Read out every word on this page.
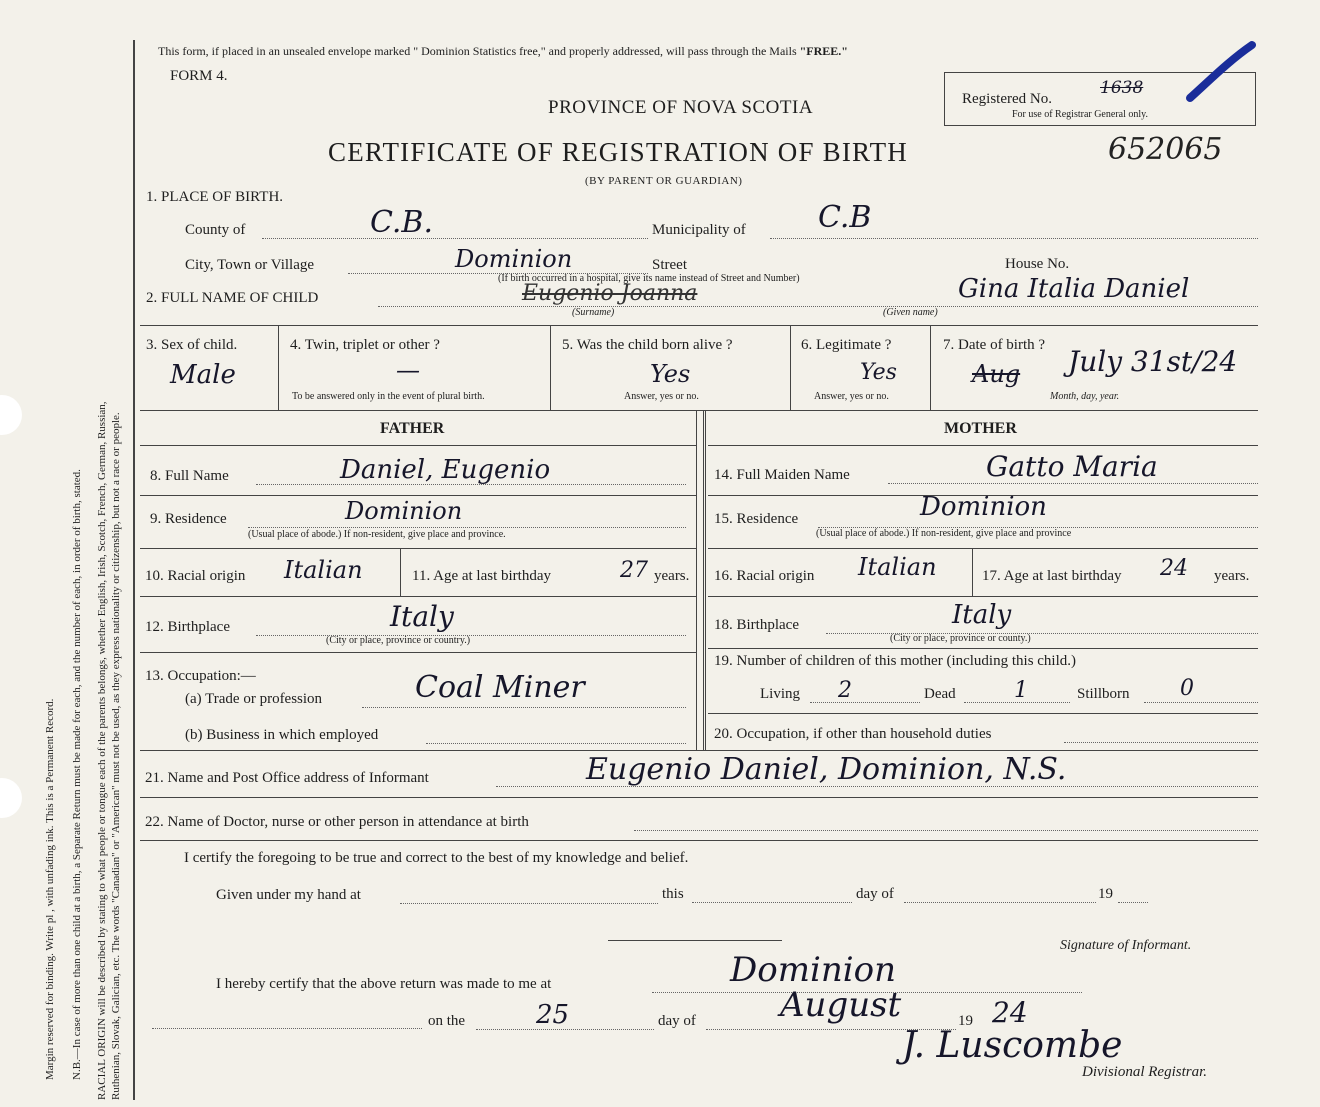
Margin reserved for binding. Write pl , with unfading ink. This is a Permanent Record. N.B.—In case of more than one child at a birth, a Separate Return must be made for each, and the number of each, in order of birth, stated. RACIAL ORIGIN will be described by stating to what people or tongue each of the parents belongs, whether English, Irish, Scotch, French, German, Russian, Ruthenian, Slovak, Galician, etc. The words "Canadian" or "American" must not be used, as they express nationality or citizenship, but not a race or people.
This form, if placed in an unsealed envelope marked " Dominion Statistics free," and properly addressed, will pass through the Mails "FREE."
FORM 4.
PROVINCE OF NOVA SCOTIA
CERTIFICATE OF REGISTRATION OF BIRTH
(BY PARENT OR GUARDIAN)
Registered No.
1638
For use of Registrar General only.
652065
1. PLACE OF BIRTH.
County of	C.B.	Municipality of C.B
City, Town or Village	Dominion	Street	House No.
(If birth occurred in a hospital, give its name instead of Street and Number)
2. FULL NAME OF CHILD	Eugenio Joanna	Gina Italia Daniel
(Surname)	(Given name)
3. Sex of child.
Male
4. Twin, triplet or other ?
—
To be answered only in the event of plural birth.
5. Was the child born alive ?
Yes
Answer, yes or no.
6. Legitimate ?
Yes
Answer, yes or no.
7. Date of birth ?
Aug July 31st/24
Month, day, year.
FATHER	MOTHER
8. Full Name	Daniel, Eugenio
9. Residence	Dominion
(Usual place of abode.) If non-resident, give place and province.
10. Racial origin Italian	11. Age at last birthday	27 years.
12. Birthplace	Italy
(City or place, province or country.)
13. Occupation:—
(a) Trade or profession	Coal Miner
(b) Business in which employed
14. Full Maiden Name	Gatto Maria
15. Residence	Dominion
(Usual place of abode.) If non-resident, give place and province
16. Racial origin Italian	17. Age at last birthday 24 years.
18. Birthplace	Italy
(City or place, province or county.)
19. Number of children of this mother (including this child.)
Living 2	Dead	1	Stillborn 0
20. Occupation, if other than household duties
21. Name and Post Office address of Informant	Eugenio Daniel, Dominion, N.S.
22. Name of Doctor, nurse or other person in attendance at birth
I certify the foregoing to be true and correct to the best of my knowledge and belief.
Given under my hand at	this	day of	19
Signature of Informant.
I hereby certify that the above return was made to me at	Dominion
on the	25	day of August	19 24
J. Luscombe
Divisional Registrar.
